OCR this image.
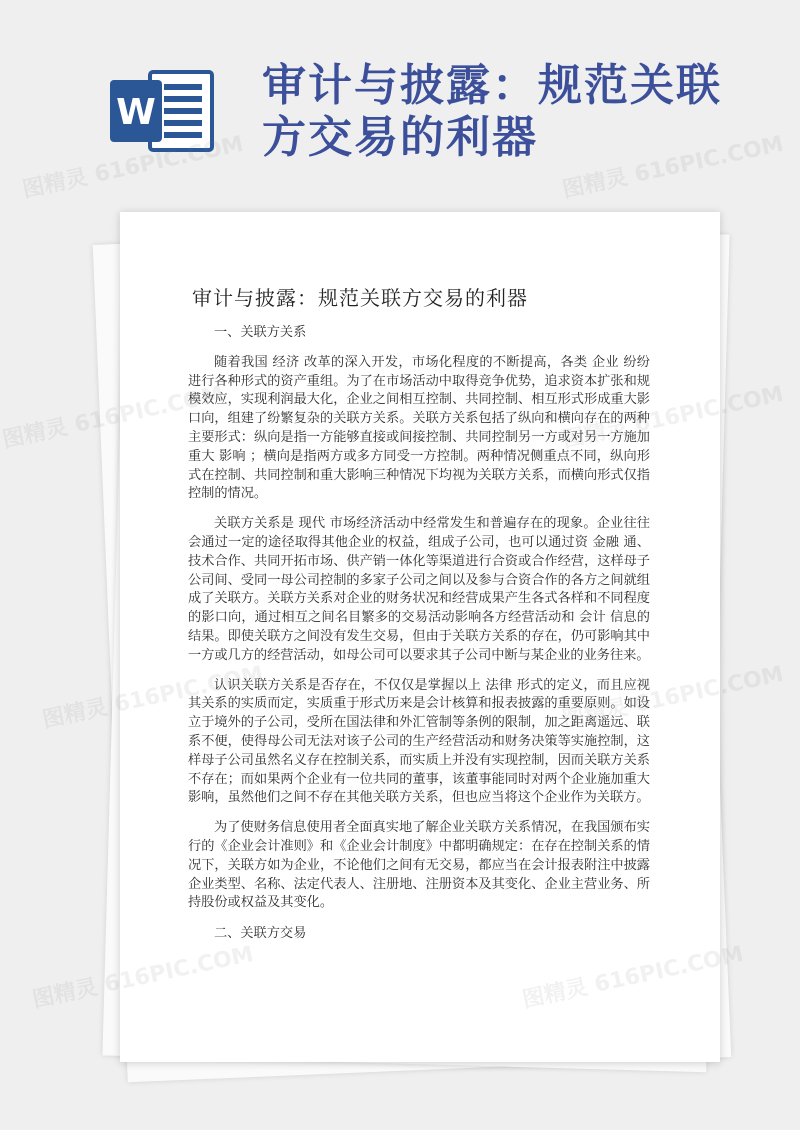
W
审计与披露：规范关联
方交易的利器
审计与披露：规范关联方交易的利器

一、关联方关系

随着我国 经济 改革的深入开发，市场化程度的不断提高，各类 企业 纷纷进行各种形式的资产重组。为了在市场活动中取得竞争优势，追求资本扩张和规模效应，实现利润最大化，企业之间相互控制、共同控制、相互形式形成重大影口向，组建了纷繁复杂的关联方关系。关联方关系包括了纵向和横向存在的两种主要形式：纵向是指一方能够直接或间接控制、共同控制另一方或对另一方施加重大 影响 ；横向是指两方或多方同受一方控制。两种情况侧重点不同，纵向形式在控制、共同控制和重大影响三种情况下均视为关联方关系，而横向形式仅指控制的情况。

关联方关系是 现代 市场经济活动中经常发生和普遍存在的现象。企业往往会通过一定的途径取得其他企业的权益，组成子公司，也可以通过资 金融 通、技术合作、共同开拓市场、供产销一体化等渠道进行合资或合作经营，这样母子公司间、受同一母公司控制的多家子公司之间以及参与合资合作的各方之间就组成了关联方。关联方关系对企业的财务状况和经营成果产生各式各样和不同程度的影口向，通过相互之间名目繁多的交易活动影响各方经营活动和 会计 信息的结果。即使关联方之间没有发生交易，但由于关联方关系的存在，仍可影响其中一方或几方的经营活动，如母公司可以要求其子公司中断与某企业的业务往来。

认识关联方关系是否存在，不仅仅是掌握以上 法律 形式的定义，而且应视其关系的实质而定，实质重于形式历来是会计核算和报表披露的重要原则。如设立于境外的子公司，受所在国法律和外汇管制等条例的限制，加之距离遥远、联系不便，使得母公司无法对该子公司的生产经营活动和财务决策等实施控制，这样母子公司虽然名义存在控制关系，而实质上并没有实现控制，因而关联方关系不存在；而如果两个企业有一位共同的董事，该董事能同时对两个企业施加重大影响，虽然他们之间不存在其他关联方关系，但也应当将这个企业作为关联方。

为了使财务信息使用者全面真实地了解企业关联方关系情况，在我国颁布实行的《企业会计准则》和《企业会计制度》中都明确规定：在存在控制关系的情况下，关联方如为企业，不论他们之间有无交易，都应当在会计报表附注中披露企业类型、名称、法定代表人、注册地、注册资本及其变化、企业主营业务、所持股份或权益及其变化。

二、关联方交易

图精灵 616PIC.COM	图精灵 616PIC.COM
图精灵
图精灵
图精灵
